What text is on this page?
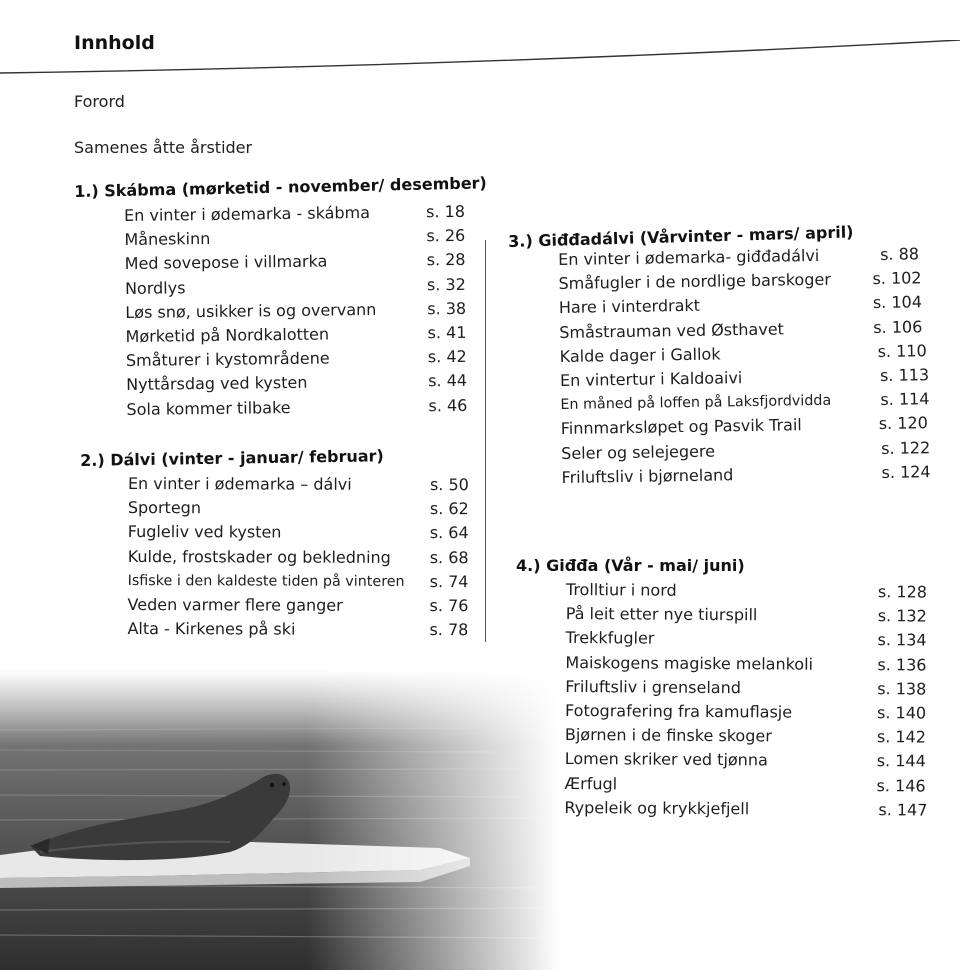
Innhold
Forord
Samenes åtte årstider
1.) Skábma (mørketid - november/ desember)
En vinter i ødemarka - skábma	s. 18
Måneskinn	s. 26
Med sovepose i villmarka	s. 28
Nordlys	s. 32
Løs snø, usikker is og overvann	s. 38
Mørketid på Nordkalotten	s. 41
Småturer i kystområdene	s. 42
Nyttårsdag ved kysten	s. 44
Sola kommer tilbake	s. 46
2.) Dálvi (vinter - januar/ februar)
En vinter i ødemarka – dálvi	s. 50
Sportegn	s. 62
Fugleliv ved kysten	s. 64
Kulde, frostskader og bekledning s. 68
Isfiske i den kaldeste tiden på vinteren s. 74
Veden varmer flere ganger	s. 76
Alta - Kirkenes på ski	s. 78
3.) Giđđadálvi (Vårvinter - mars/ april)
En vinter i ødemarka- giđđadálvi	s. 88
Småfugler i de nordlige barskoger	s. 102
Hare i vinterdrakt	s. 104
Småstrauman ved Østhavet	s. 106
Kalde dager i Gallok	s. 110
En vintertur i Kaldoaivi	s. 113
En måned på loffen på Laksfjordvidda	s. 114
Finnmarksløpet og Pasvik Trail	s. 120
Seler og selejegere	s. 122
Friluftsliv i bjørneland	s. 124
4.) Giđđa (Vår - mai/ juni)
Trolltiur i nord	s. 128
På leit etter nye tiurspill	s. 132
Trekkfugler	s. 134
Maiskogens magiske melankoli	s. 136
Friluftsliv i grenseland	s. 138
Fotografering fra kamuflasje	s. 140
Bjørnen i de finske skoger	s. 142
Lomen skriker ved tjønna	s. 144
Ærfugl	s. 146
Rypeleik og krykkjefjell	s. 147
